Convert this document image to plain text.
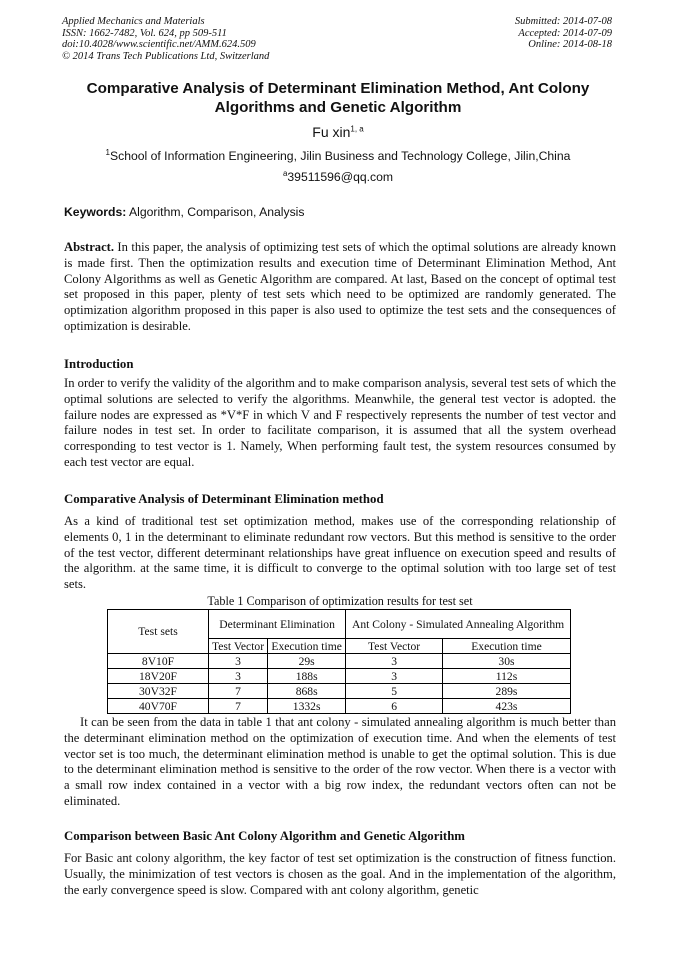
Applied Mechanics and Materials
ISSN: 1662-7482, Vol. 624, pp 509-511
doi:10.4028/www.scientific.net/AMM.624.509
© 2014 Trans Tech Publications Ltd, Switzerland
Submitted: 2014-07-08
Accepted: 2014-07-09
Online: 2014-08-18
Comparative Analysis of Determinant Elimination Method, Ant Colony Algorithms and Genetic Algorithm
Fu xin$^{1, a}$
$^1$School of Information Engineering, Jilin Business and Technology College, Jilin,China
$^a$39511596@qq.com
Keywords: Algorithm, Comparison, Analysis
Abstract. In this paper, the analysis of optimizing test sets of which the optimal solutions are already known is made first. Then the optimization results and execution time of Determinant Elimination Method, Ant Colony Algorithms as well as Genetic Algorithm are compared. At last, Based on the concept of optimal test set proposed in this paper, plenty of test sets which need to be optimized are randomly generated. The optimization algorithm proposed in this paper is also used to optimize the test sets and the consequences of optimization is desirable.
Introduction
In order to verify the validity of the algorithm and to make comparison analysis, several test sets of which the optimal solutions are selected to verify the algorithms. Meanwhile, the general test vector is adopted. the failure nodes are expressed as *V*F in which V and F respectively represents the number of test vector and failure nodes in test set. In order to facilitate comparison, it is assumed that all the system overhead corresponding to test vector is 1. Namely, When performing fault test, the system resources consumed by each test vector are equal.
Comparative Analysis of Determinant Elimination method
As a kind of traditional test set optimization method, makes use of the corresponding relationship of elements 0, 1 in the determinant to eliminate redundant row vectors. But this method is sensitive to the order of the test vector, different determinant relationships have great influence on execution speed and results of the algorithm. at the same time, it is difficult to converge to the optimal solution with too large set of test sets.
Table 1 Comparison of optimization results for test set
Test sets	Determinant Elimination		Ant Colony - Simulated Annealing Algorithm	
	Test Vector	Execution time	Test Vector	Execution time
8V10F	3	29s	3	30s
18V20F	3	188s	3	112s
30V32F	7	868s	5	289s
40V70F	7	1332s	6	423s
It can be seen from the data in table 1 that ant colony - simulated annealing algorithm is much better than the determinant elimination method on the optimization of execution time. And when the elements of test vector set is too much, the determinant elimination method is unable to get the optimal solution. This is due to the determinant elimination method is sensitive to the order of the row vector. When there is a vector with a small row index contained in a vector with a big row index, the redundant vectors often can not be eliminated.
Comparison between Basic Ant Colony Algorithm and Genetic Algorithm
For Basic ant colony algorithm, the key factor of test set optimization is the construction of fitness function. Usually, the minimization of test vectors is chosen as the goal. And in the implementation of the algorithm, the early convergence speed is slow. Compared with ant colony algorithm, genetic
